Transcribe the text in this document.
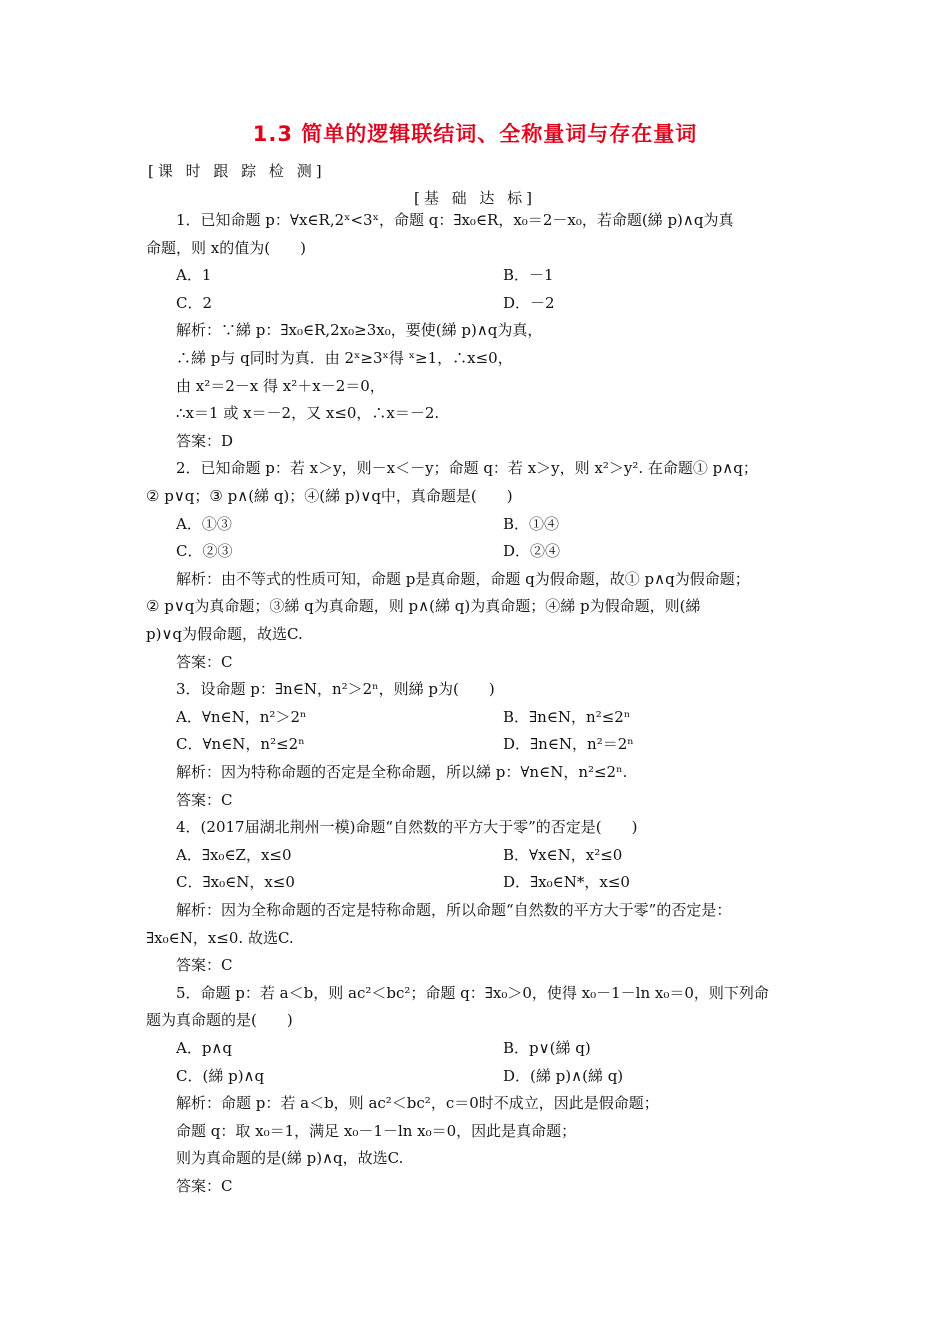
1.3 简单的逻辑联结词、全称量词与存在量词
[课 时 跟 踪 检 测]
[基 础 达 标]
1．已知命题 p：∀x∈R,2ˣ<3ˣ，命题 q：∃x₀∈R，x₀＝2－x₀，若命题(綈 p)∧q为真
命题，则 x的值为(　　)
A．1	B．－1
C．2	D．－2
解析：∵綈 p：∃x₀∈R,2x₀≥3x₀，要使(綈 p)∧q为真，
∴綈 p与 q同时为真．由 2ˣ≥3ˣ得 ˣ≥1，∴x≤0，
由 x²＝2－x 得 x²＋x－2＝0，
∴x＝1 或 x＝－2，又 x≤0，∴x＝－2.
答案：D
2．已知命题 p：若 x＞y，则－x＜－y；命题 q：若 x＞y，则 x²＞y². 在命题① p∧q；
② p∨q；③ p∧(綈 q)；④(綈 p)∨q中，真命题是(　　)
A．①③	B．①④
C．②③	D．②④
解析：由不等式的性质可知，命题 p是真命题，命题 q为假命题，故① p∧q为假命题；
② p∨q为真命题；③綈 q为真命题，则 p∧(綈 q)为真命题；④綈 p为假命题，则(綈
p)∨q为假命题，故选C.
答案：C
3．设命题 p：∃n∈N，n²＞2ⁿ，则綈 p为(　　)
A．∀n∈N，n²＞2ⁿ	B．∃n∈N，n²≤2ⁿ
C．∀n∈N，n²≤2ⁿ	D．∃n∈N，n²＝2ⁿ
解析：因为特称命题的否定是全称命题，所以綈 p：∀n∈N，n²≤2ⁿ.
答案：C
4．(2017届湖北荆州一模)命题“自然数的平方大于零”的否定是(　　)
A．∃x₀∈Z，x≤0	B．∀x∈N，x²≤0
C．∃x₀∈N，x≤0	D．∃x₀∈N*，x≤0
解析：因为全称命题的否定是特称命题，所以命题“自然数的平方大于零”的否定是：
∃x₀∈N，x≤0. 故选C.
答案：C
5．命题 p：若 a＜b，则 ac²＜bc²；命题 q：∃x₀＞0，使得 x₀－1－ln x₀＝0，则下列命
题为真命题的是(　　)
A．p∧q	B．p∨(綈 q)
C．(綈 p)∧q	D．(綈 p)∧(綈 q)
解析：命题 p：若 a＜b，则 ac²＜bc²，c＝0时不成立，因此是假命题；
命题 q：取 x₀＝1，满足 x₀－1－ln x₀＝0，因此是真命题；
则为真命题的是(綈 p)∧q，故选C.
答案：C
